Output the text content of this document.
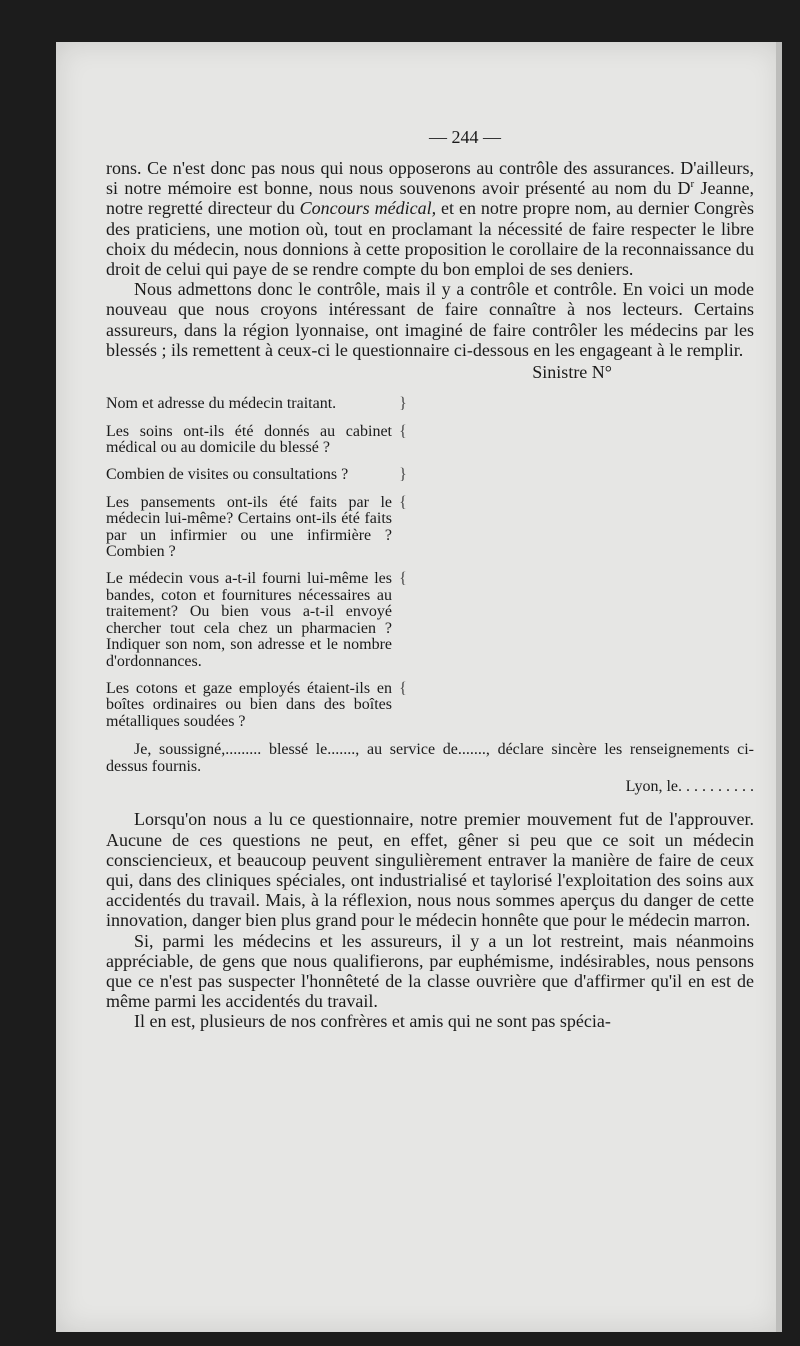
— 244 —

rons. Ce n'est donc pas nous qui nous opposerons au contrôle des assurances. D'ailleurs, si notre mémoire est bonne, nous nous souvenons avoir présenté au nom du $D^r$ Jeanne, notre regretté directeur du Concours médical, et en notre propre nom, au dernier Congrès des praticiens, une motion où, tout en proclamant la nécessité de faire respecter le libre choix du médecin, nous donnions à cette proposition le corollaire de la reconnaissance du droit de celui qui paye de se rendre compte du bon emploi de ses deniers.

Nous admettons donc le contrôle, mais il y a contrôle et contrôle. En voici un mode nouveau que nous croyons intéressant de faire connaître à nos lecteurs. Certains assureurs, dans la région lyonnaise, ont imaginé de faire contrôler les médecins par les blessés ; ils remettent à ceux-ci le questionnaire ci-dessous en les engageant à le remplir.

Sinistre N°

Nom et adresse du médecin traitant.	}
Les soins ont-ils été donnés au cabinet médical ou au domicile du blessé ?
{
Combien de visites ou consultations ?	}
Les pansements ont-ils été faits par le médecin lui-même? Certains ont-ils été faits par un infirmier ou une infirmière ? Combien ?
{
Le médecin vous a-t-il fourni lui-même les bandes, coton et fournitures nécessaires au traitement? Ou bien vous a-t-il envoyé chercher tout cela chez un pharmacien ? Indiquer son nom, son adresse et le nombre d'ordonnances.
{
Les cotons et gaze employés étaient-ils en boîtes ordinaires ou bien dans des boîtes métalliques soudées ?
{

Je, soussigné,......... blessé le......., au service de......., déclare sincère les renseignements ci-dessus fournis.

Lyon, le. . . . . . . . . .

Lorsqu'on nous a lu ce questionnaire, notre premier mouvement fut de l'approuver. Aucune de ces questions ne peut, en effet, gêner si peu que ce soit un médecin consciencieux, et beaucoup peuvent singulièrement entraver la manière de faire de ceux qui, dans des cliniques spéciales, ont industrialisé et taylorisé l'exploitation des soins aux accidentés du travail. Mais, à la réflexion, nous nous sommes aperçus du danger de cette innovation, danger bien plus grand pour le médecin honnête que pour le médecin marron.

Si, parmi les médecins et les assureurs, il y a un lot restreint, mais néanmoins appréciable, de gens que nous qualifierons, par euphémisme, indésirables, nous pensons que ce n'est pas suspecter l'honnêteté de la classe ouvrière que d'affirmer qu'il en est de même parmi les accidentés du travail.

Il en est, plusieurs de nos confrères et amis qui ne sont pas spécia-
